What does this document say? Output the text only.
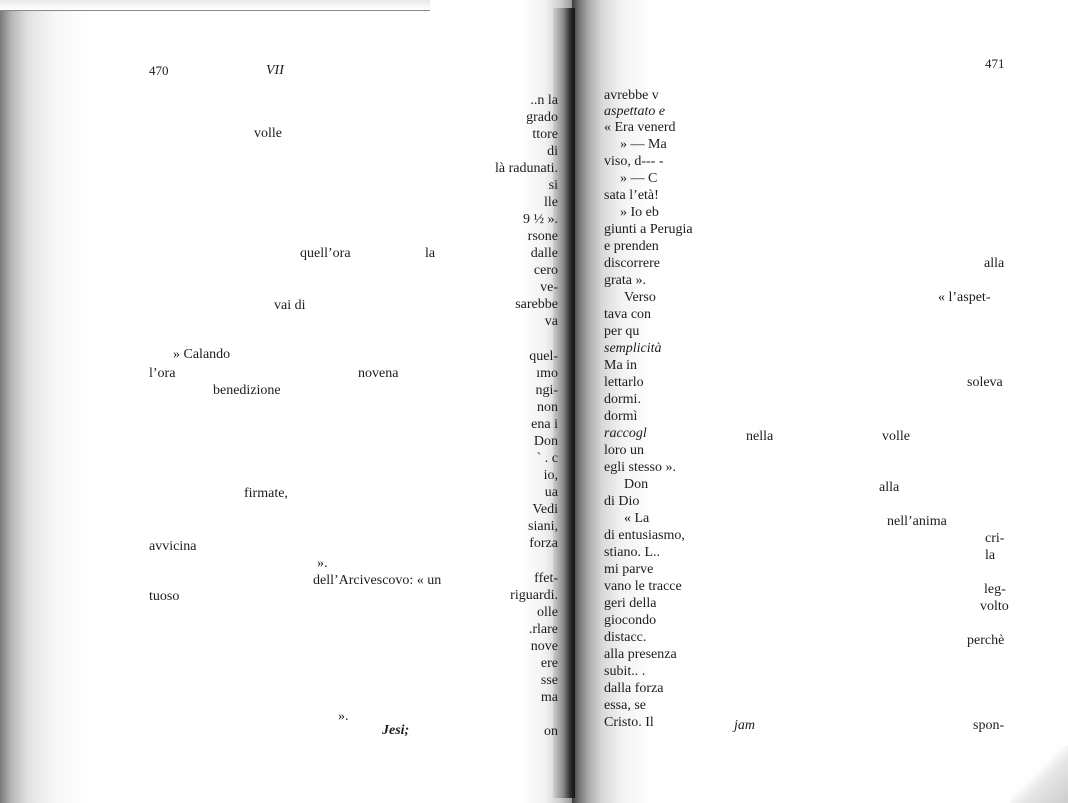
470	VII
volle
quell’ora	la
vai di
» Calando
l’ora	novena
benedizione
firmate,
avvicina
».
dell’Arcivescovo: « un
tuoso
».
Jesi;
..n la
grado
ttore
di
là radunati.
si
lle
9 ½ ».
rsone
dalle
cero
ve-
sarebbe
va
quel-
ımo
ngi-
non
ena i
Don
` . c
io,
ua
Vedi
siani,
forza
ffet-
riguardi.
olle
.rlare
nove
ere
sse
ma
on
471
avrebbe v
aspettato e
« Era venerd
» — Ma
viso, d--- -
» — C
sata l’età!
» Io eb
giunti a Perugia
e prenden
discorrere
grata ».
Verso
tava con
per qu
semplicità
Ma in
lettarlo
dormi.
dormì
raccogl
loro un
egli stesso ».
Don
di Dio
« La
di entusiasmo,
stiano. L..
mi parve
vano le tracce
geri della
giocondo
distacc.
alla presenza
subit.. .
dalla forza
essa, se
Cristo. Il
alla
« l’aspet-
soleva
nella	volle
alla
nell’anima
cri-
la
leg-
volto
perchè
jam	spon-
